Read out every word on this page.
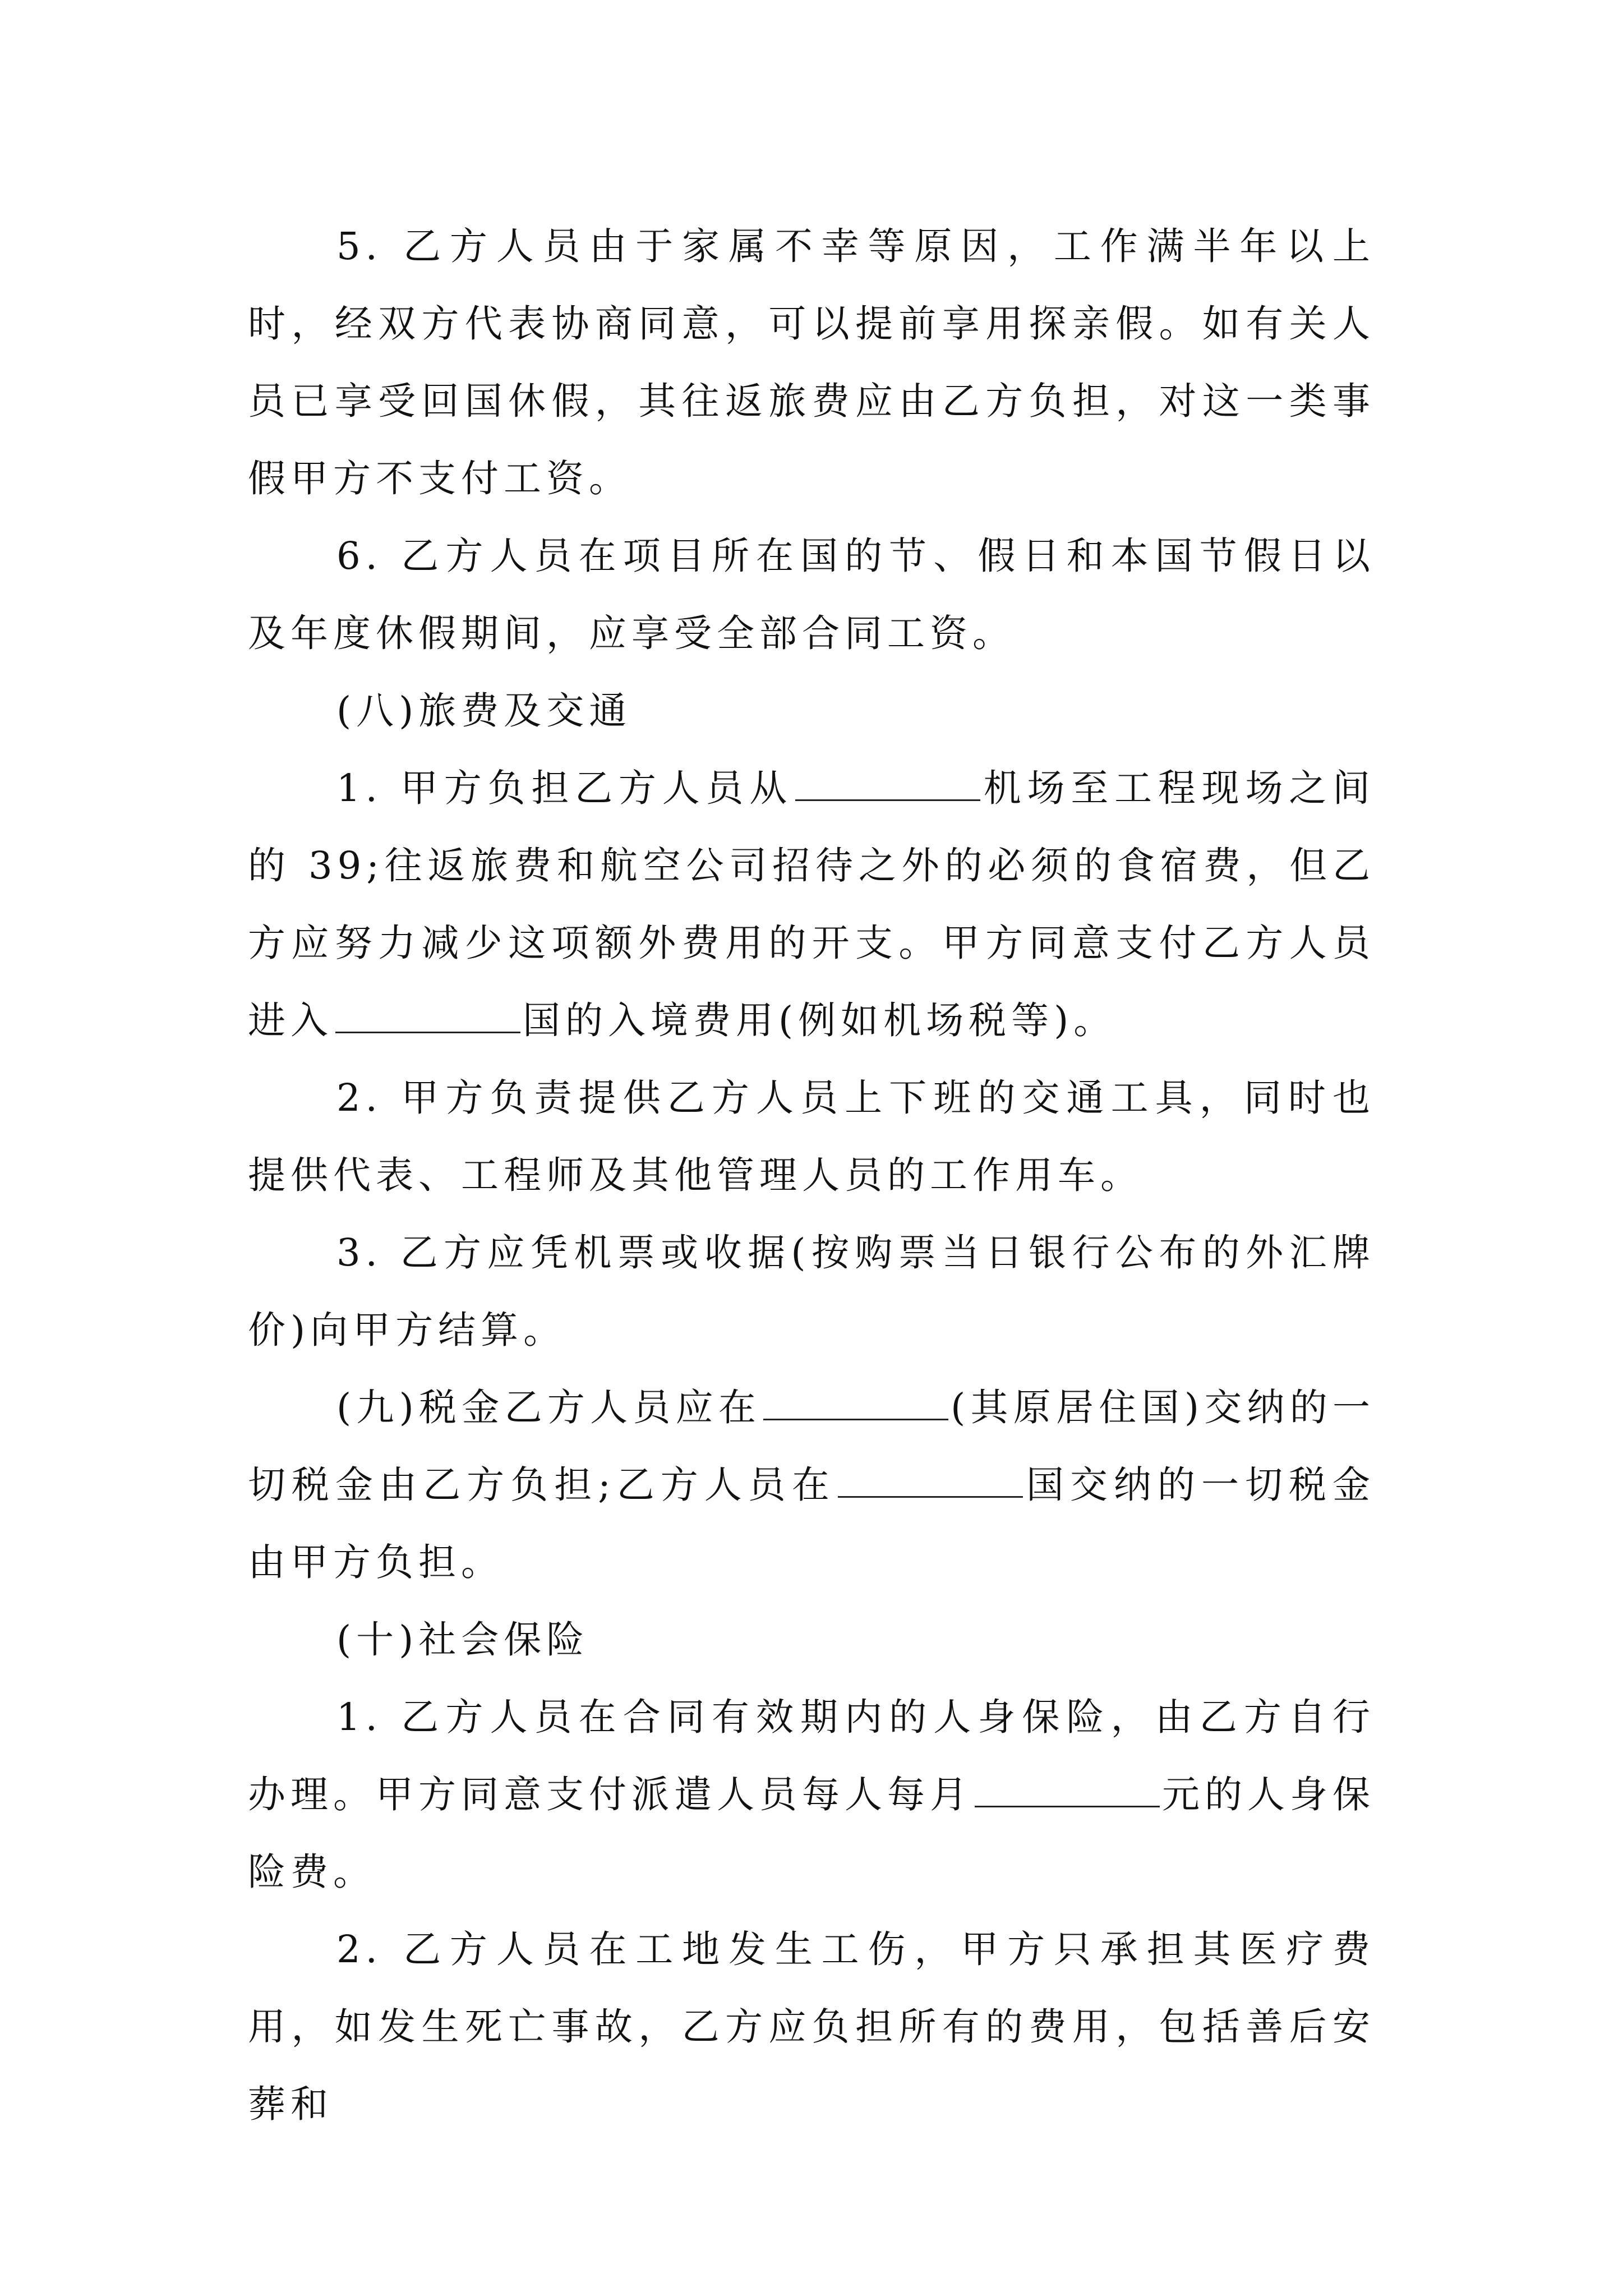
5. 乙方人员由于家属不幸等原因，工作满半年以上时，经双方代表协商同意，可以提前享用探亲假。如有关人员已享受回国休假，其往返旅费应由乙方负担，对这一类事假甲方不支付工资。

6. 乙方人员在项目所在国的节、假日和本国节假日以及年度休假期间，应享受全部合同工资。

(八)旅费及交通

1. 甲方负担乙方人员从	机场至工程现场之间的 39;往返旅费和航空公司招待之外的必须的食宿费，但乙方应努力减少这项额外费用的开支。甲方同意支付乙方人员进入	国的入境费用(例如机场税等)。

2. 甲方负责提供乙方人员上下班的交通工具，同时也提供代表、工程师及其他管理人员的工作用车。

3. 乙方应凭机票或收据(按购票当日银行公布的外汇牌价)向甲方结算。

(九)税金乙方人员应在	(其原居住国)交纳的一切税金由乙方负担;乙方人员在	国交纳的一切税金由甲方负担。

(十)社会保险

1. 乙方人员在合同有效期内的人身保险，由乙方自行办理。甲方同意支付派遣人员每人每月	元的人身保险费。

2. 乙方人员在工地发生工伤，甲方只承担其医疗费用，如发生死亡事故，乙方应负担所有的费用，包括善后安葬和
